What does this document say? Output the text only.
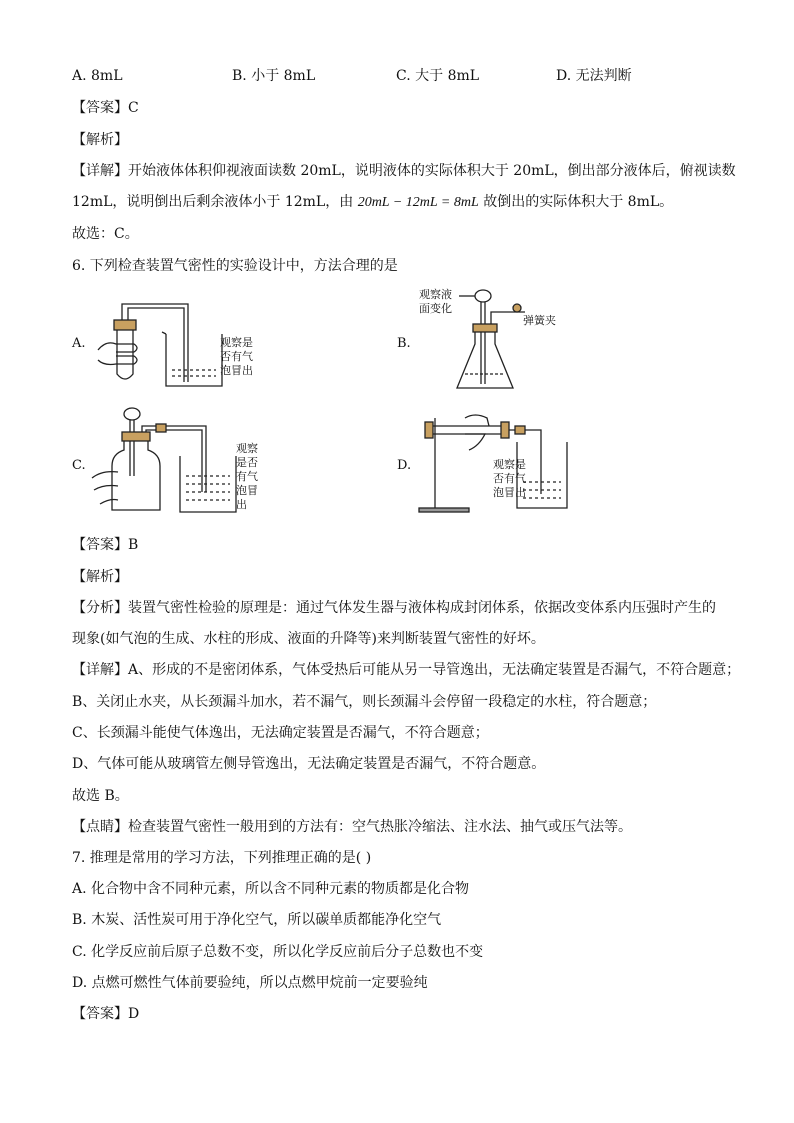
A. 8mL	B. 小于 8mL	C. 大于 8mL	D. 无法判断
【答案】C
【解析】
【详解】开始液体体积仰视液面读数 20mL，说明液体的实际体积大于 20mL，倒出部分液体后，俯视读数
12mL，说明倒出后剩余液体小于 12mL，由 20mL − 12mL = 8mL 故倒出的实际体积大于 8mL。
故选：C。
6. 下列检查装置气密性的实验设计中，方法合理的是
A.	观察是
否有气
泡冒出
B.
观察液
面变化
弹簧夹
C.
观察
是否
有气
泡冒
出
D.	观察是
否有气
泡冒出
【答案】B
【解析】
【分析】装置气密性检验的原理是：通过气体发生器与液体构成封闭体系，依据改变体系内压强时产生的
现象(如气泡的生成、水柱的形成、液面的升降等)来判断装置气密性的好坏。
【详解】A、形成的不是密闭体系，气体受热后可能从另一导管逸出，无法确定装置是否漏气，不符合题意；
B、关闭止水夹，从长颈漏斗加水，若不漏气，则长颈漏斗会停留一段稳定的水柱，符合题意；
C、长颈漏斗能使气体逸出，无法确定装置是否漏气，不符合题意；
D、气体可能从玻璃管左侧导管逸出，无法确定装置是否漏气，不符合题意。
故选 B。
【点睛】检查装置气密性一般用到的方法有：空气热胀冷缩法、注水法、抽气或压气法等。
7. 推理是常用的学习方法，下列推理正确的是( )
A. 化合物中含不同种元素，所以含不同种元素的物质都是化合物
B. 木炭、活性炭可用于净化空气，所以碳单质都能净化空气
C. 化学反应前后原子总数不变，所以化学反应前后分子总数也不变
D. 点燃可燃性气体前要验纯，所以点燃甲烷前一定要验纯
【答案】D
